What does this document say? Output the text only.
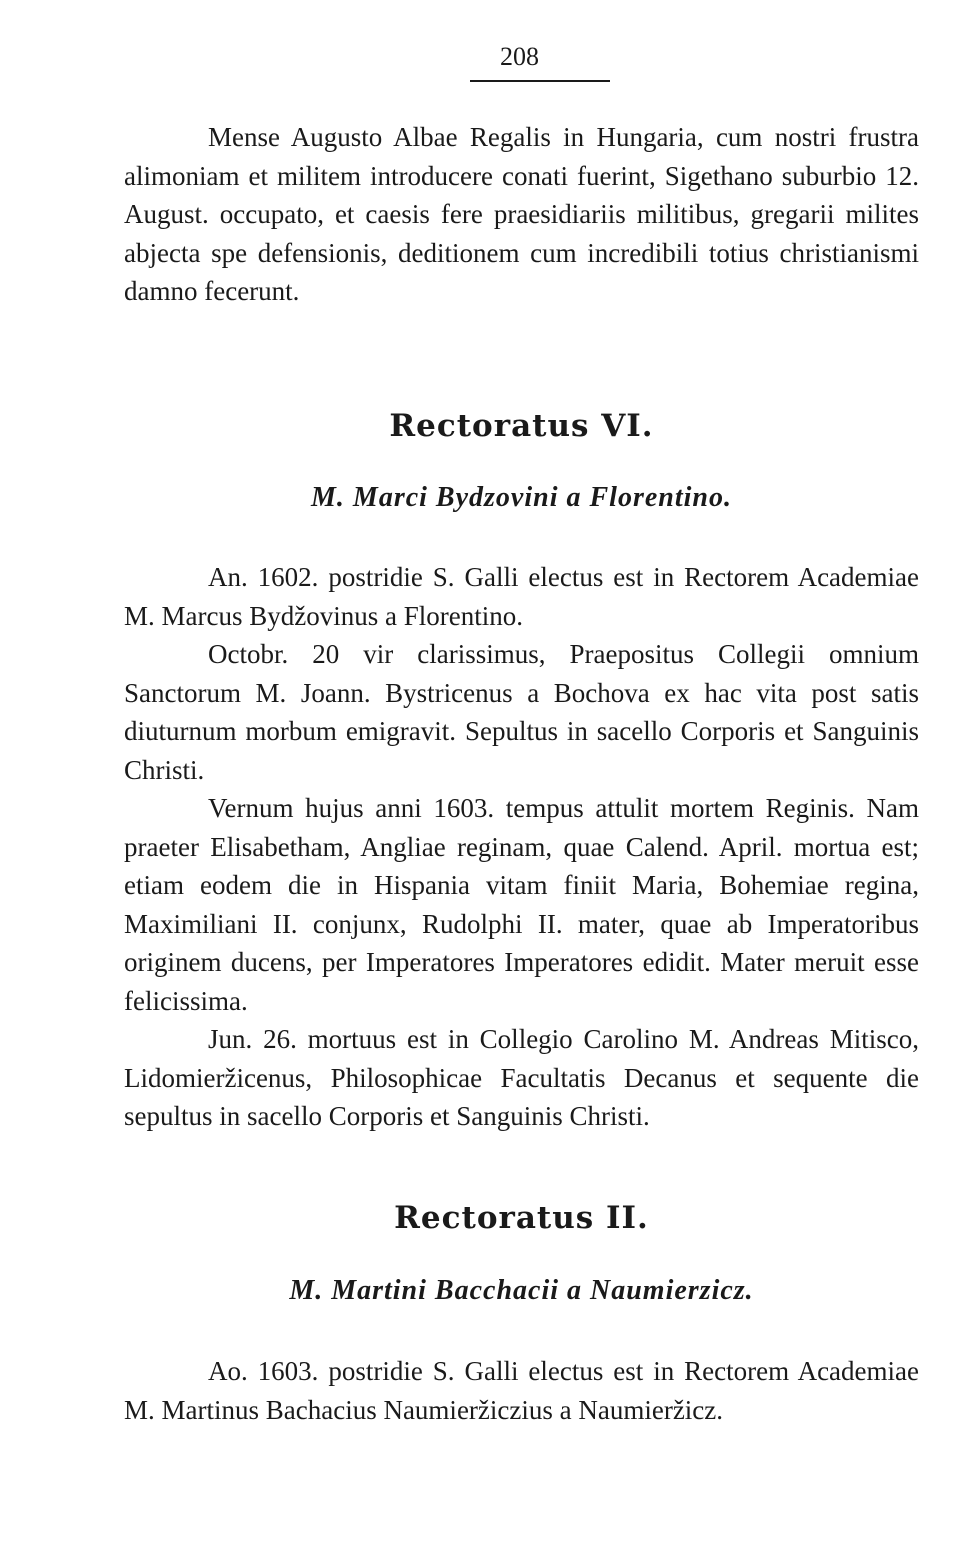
208

Mense Augusto Albae Regalis in Hungaria, cum nostri frustra alimoniam et militem introducere conati fuerint, Sigethano suburbio 12. August. occupato, et caesis fere praesidiariis militibus, gregarii milites abjecta spe defensionis, deditionem cum incredibili totius christianismi damno fecerunt.

Rectoratus VI.
M. Marci Bydzovini a Florentino.

An. 1602. postridie S. Galli electus est in Rectorem Academiae M. Marcus Bydžovinus a Florentino.

Octobr. 20 vir clarissimus, Praepositus Collegii omnium Sanctorum M. Joann. Bystricenus a Bochova ex hac vita post satis diuturnum morbum emigravit. Sepultus in sacello Corporis et Sanguinis Christi.

Vernum hujus anni 1603. tempus attulit mortem Reginis. Nam praeter Elisabetham, Angliae reginam, quae Calend. April. mortua est; etiam eodem die in Hispania vitam finiit Maria, Bohemiae regina, Maximiliani II. conjunx, Rudolphi II. mater, quae ab Imperatoribus originem ducens, per Imperatores Imperatores edidit. Mater meruit esse felicissima.

Jun. 26. mortuus est in Collegio Carolino M. Andreas Mitisco, Lidomieržicenus, Philosophicae Facultatis Decanus et sequente die sepultus in sacello Corporis et Sanguinis Christi.

Rectoratus II.
M. Martini Bacchacii a Naumierzicz.

Ao. 1603. postridie S. Galli electus est in Rectorem Academiae M. Martinus Bachacius Naumieržiczius a Naumieržicz.
